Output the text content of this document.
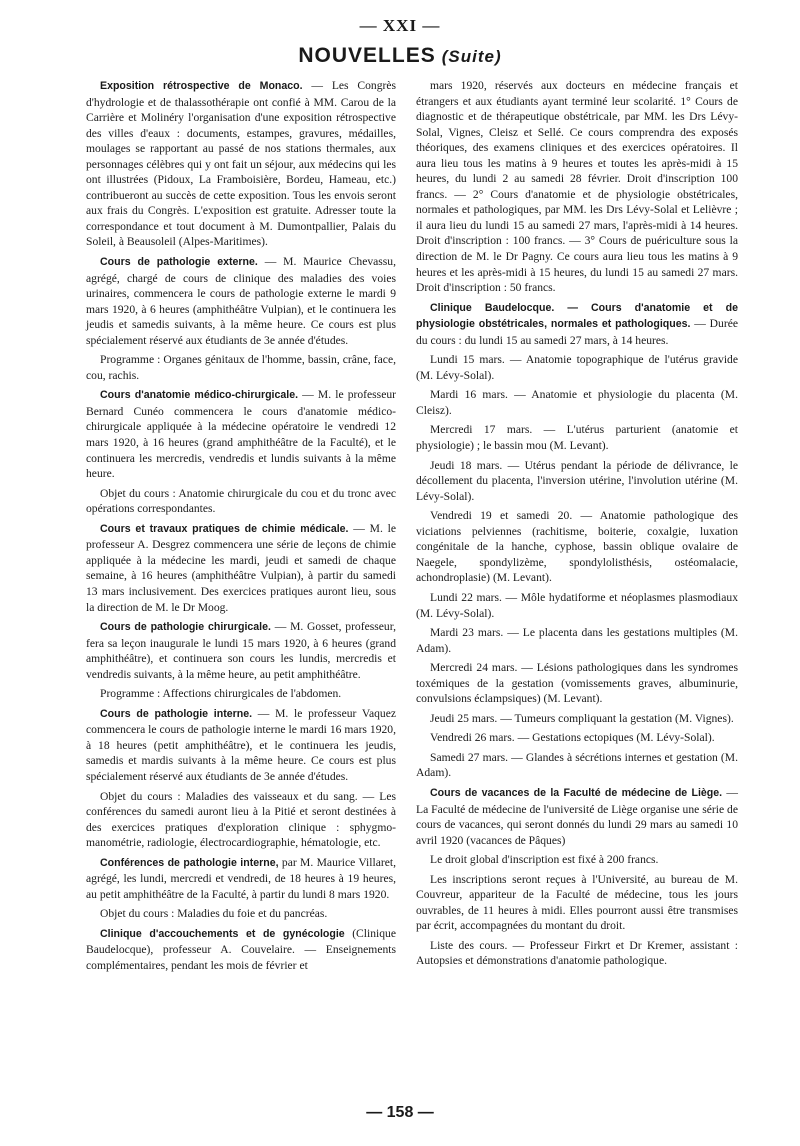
— XXI —
NOUVELLES (Suite)

Exposition rétrospective de Monaco. — Les Congrès d'hydrologie et de thalassothérapie ont confié à MM. Carou de la Carrière et Molinéry l'organisation d'une exposition rétrospective des villes d'eaux : documents, estampes, gravures, médailles, moulages se rapportant au passé de nos stations thermales, aux personnages célèbres qui y ont fait un séjour, aux médecins qui les ont illustrées (Pidoux, La Framboisière, Bordeu, Hameau, etc.) contribueront au succès de cette exposition. Tous les envois seront aux frais du Congrès. L'exposition est gratuite. Adresser toute la correspondance et tout document à M. Dumontpallier, Palais du Soleil, à Beausoleil (Alpes-Maritimes).

Cours de pathologie externe. — M. Maurice Chevassu, agrégé, chargé de cours de clinique des maladies des voies urinaires, commencera le cours de pathologie externe le mardi 9 mars 1920, à 6 heures (amphithéâtre Vulpian), et le continuera les jeudis et samedis suivants, à la même heure. Ce cours est plus spécialement réservé aux étudiants de 3e année d'études.

Programme : Organes génitaux de l'homme, bassin, crâne, face, cou, rachis.

Cours d'anatomie médico-chirurgicale. — M. le professeur Bernard Cunéo commencera le cours d'anatomie médico-chirurgicale appliquée à la médecine opératoire le vendredi 12 mars 1920, à 16 heures (grand amphithéâtre de la Faculté), et le continuera les mercredis, vendredis et lundis suivants à la même heure.

Objet du cours : Anatomie chirurgicale du cou et du tronc avec opérations correspondantes.

Cours et travaux pratiques de chimie médicale. — M. le professeur A. Desgrez commencera une série de leçons de chimie appliquée à la médecine les mardi, jeudi et samedi de chaque semaine, à 16 heures (amphithéâtre Vulpian), à partir du samedi 13 mars inclusivement. Des exercices pratiques auront lieu, sous la direction de M. le Dr Moog.

Cours de pathologie chirurgicale. — M. Gosset, professeur, fera sa leçon inaugurale le lundi 15 mars 1920, à 6 heures (grand amphithéâtre), et continuera son cours les lundis, mercredis et vendredis suivants, à la même heure, au petit amphithéâtre.

Programme : Affections chirurgicales de l'abdomen.

Cours de pathologie interne. — M. le professeur Vaquez commencera le cours de pathologie interne le mardi 16 mars 1920, à 18 heures (petit amphithéâtre), et le continuera les jeudis, samedis et mardis suivants à la même heure. Ce cours est plus spécialement réservé aux étudiants de 3e année d'études.

Objet du cours : Maladies des vaisseaux et du sang. — Les conférences du samedi auront lieu à la Pitié et seront destinées à des exercices pratiques d'exploration clinique : sphygmo-manométrie, radiologie, électrocardiographie, hématologie, etc.

Conférences de pathologie interne, par M. Maurice Villaret, agrégé, les lundi, mercredi et vendredi, de 18 heures à 19 heures, au petit amphithéâtre de la Faculté, à partir du lundi 8 mars 1920.

Objet du cours : Maladies du foie et du pancréas.

Clinique d'accouchements et de gynécologie (Clinique Baudelocque), professeur A. Couvelaire. — Enseignements complémentaires, pendant les mois de février et

mars 1920, réservés aux docteurs en médecine français et étrangers et aux étudiants ayant terminé leur scolarité. 1° Cours de diagnostic et de thérapeutique obstétricale, par MM. les Drs Lévy-Solal, Vignes, Cleisz et Sellé. Ce cours comprendra des exposés théoriques, des examens cliniques et des exercices opératoires. Il aura lieu tous les matins à 9 heures et toutes les après-midi à 15 heures, du lundi 2 au samedi 28 février. Droit d'inscription 100 francs. — 2° Cours d'anatomie et de physiologie obstétricales, normales et pathologiques, par MM. les Drs Lévy-Solal et Lelièvre ; il aura lieu du lundi 15 au samedi 27 mars, l'après-midi à 14 heures. Droit d'inscription : 100 francs. — 3° Cours de puériculture sous la direction de M. le Dr Pagny. Ce cours aura lieu tous les matins à 9 heures et les après-midi à 15 heures, du lundi 15 au samedi 27 mars. Droit d'inscription : 50 francs.

Clinique Baudelocque. — Cours d'anatomie et de physiologie obstétricales, normales et pathologiques. — Durée du cours : du lundi 15 au samedi 27 mars, à 14 heures.

Lundi 15 mars. — Anatomie topographique de l'utérus gravide (M. Lévy-Solal).

Mardi 16 mars. — Anatomie et physiologie du placenta (M. Cleisz).

Mercredi 17 mars. — L'utérus parturient (anatomie et physiologie) ; le bassin mou (M. Levant).

Jeudi 18 mars. — Utérus pendant la période de délivrance, le décollement du placenta, l'inversion utérine, l'involution utérine (M. Lévy-Solal).

Vendredi 19 et samedi 20. — Anatomie pathologique des viciations pelviennes (rachitisme, boiterie, coxalgie, luxation congénitale de la hanche, cyphose, bassin oblique ovalaire de Naegele, spondylizème, spondylolisthésis, ostéomalacie, achondroplasie) (M. Levant).

Lundi 22 mars. — Môle hydatiforme et néoplasmes plasmodiaux (M. Lévy-Solal).

Mardi 23 mars. — Le placenta dans les gestations multiples (M. Adam).

Mercredi 24 mars. — Lésions pathologiques dans les syndromes toxémiques de la gestation (vomissements graves, albuminurie, convulsions éclampsiques) (M. Levant).

Jeudi 25 mars. — Tumeurs compliquant la gestation (M. Vignes).

Vendredi 26 mars. — Gestations ectopiques (M. Lévy-Solal).

Samedi 27 mars. — Glandes à sécrétions internes et gestation (M. Adam).

Cours de vacances de la Faculté de médecine de Liège. — La Faculté de médecine de l'université de Liège organise une série de cours de vacances, qui seront donnés du lundi 29 mars au samedi 10 avril 1920 (vacances de Pâques)

Le droit global d'inscription est fixé à 200 francs.

Les inscriptions seront reçues à l'Université, au bureau de M. Couvreur, appariteur de la Faculté de médecine, tous les jours ouvrables, de 11 heures à midi. Elles pourront aussi être transmises par écrit, accompagnées du montant du droit.

Liste des cours. — Professeur Firkrt et Dr Kremer, assistant : Autopsies et démonstrations d'anatomie pathologique.

— 158 —
